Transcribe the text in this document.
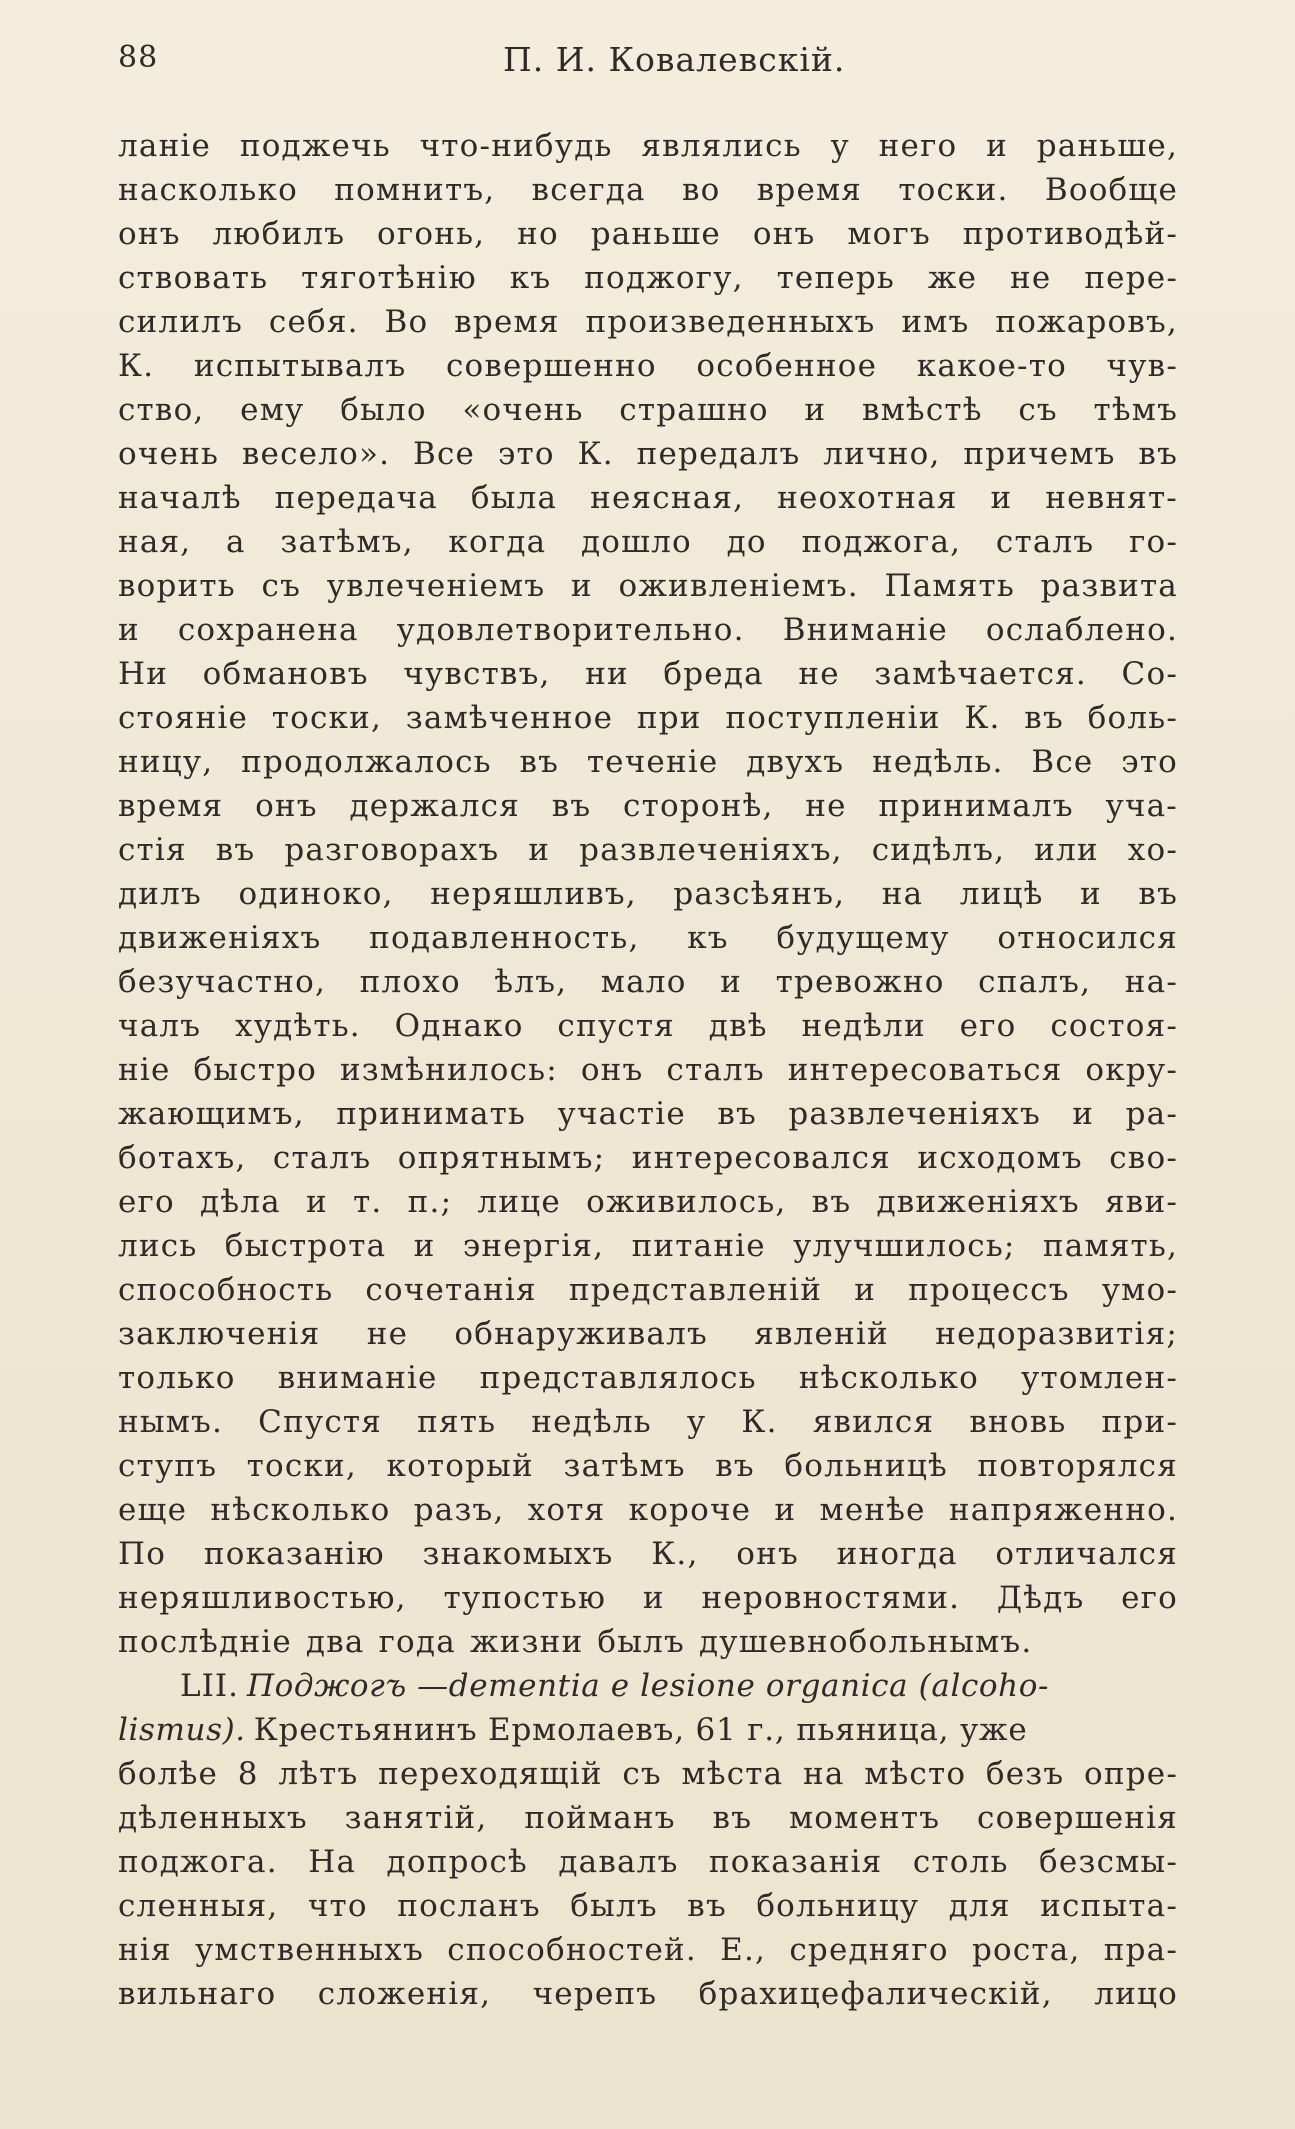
88	П. И. Ковалевскій.
ланіе поджечь что-нибудь являлись у него и раньше,
насколько помнитъ, всегда во время тоски. Вообще
онъ любилъ огонь, но раньше онъ могъ противодѣй-
ствовать тяготѣнію къ поджогу, теперь же не пере-
силилъ себя. Во время произведенныхъ имъ пожаровъ,
К. испытывалъ совершенно особенное какое-то чув-
ство, ему было «очень страшно и вмѣстѣ съ тѣмъ
очень весело». Все это К. передалъ лично, причемъ въ
началѣ передача была неясная, неохотная и невнят-
ная, а затѣмъ, когда дошло до поджога, сталъ го-
ворить съ увлеченіемъ и оживленіемъ. Память развита
и сохранена удовлетворительно. Вниманіе ослаблено.
Ни обмановъ чувствъ, ни бреда не замѣчается. Со-
стояніе тоски, замѣченное при поступленіи К. въ боль-
ницу, продолжалось въ теченіе двухъ недѣль. Все это
время онъ держался въ сторонѣ, не принималъ уча-
стія въ разговорахъ и развлеченіяхъ, сидѣлъ, или хо-
дилъ одиноко, неряшливъ, разсѣянъ, на лицѣ и въ
движеніяхъ подавленность, къ будущему относился
безучастно, плохо ѣлъ, мало и тревожно спалъ, на-
чалъ худѣть. Однако спустя двѣ недѣли его состоя-
ніе быстро измѣнилось: онъ сталъ интересоваться окру-
жающимъ, принимать участіе въ развлеченіяхъ и ра-
ботахъ, сталъ опрятнымъ; интересовался исходомъ сво-
его дѣла и т. п.; лице оживилось, въ движеніяхъ яви-
лись быстрота и энергія, питаніе улучшилось; память,
способность сочетанія представленій и процессъ умо-
заключенія не обнаруживалъ явленій недоразвитія;
только вниманіе представлялось нѣсколько утомлен-
нымъ. Спустя пять недѣль у К. явился вновь при-
ступъ тоски, который затѣмъ въ больницѣ повторялся
еще нѣсколько разъ, хотя короче и менѣе напряженно.
По показанію знакомыхъ К., онъ иногда отличался
неряшливостью, тупостью и неровностями. Дѣдъ его
послѣдніе два года жизни былъ душевнобольнымъ.
LII. Поджогъ —dementia e lesione organica (alcoho-
lismus). Крестьянинъ Ермолаевъ, 61 г., пьяница, уже
болѣе 8 лѣтъ переходящій съ мѣста на мѣсто безъ опре-
дѣленныхъ занятій, пойманъ въ моментъ совершенія
поджога. На допросѣ давалъ показанія столь безсмы-
сленныя, что посланъ былъ въ больницу для испыта-
нія умственныхъ способностей. Е., средняго роста, пра-
вильнаго сложенія, черепъ брахицефалическій, лицо
